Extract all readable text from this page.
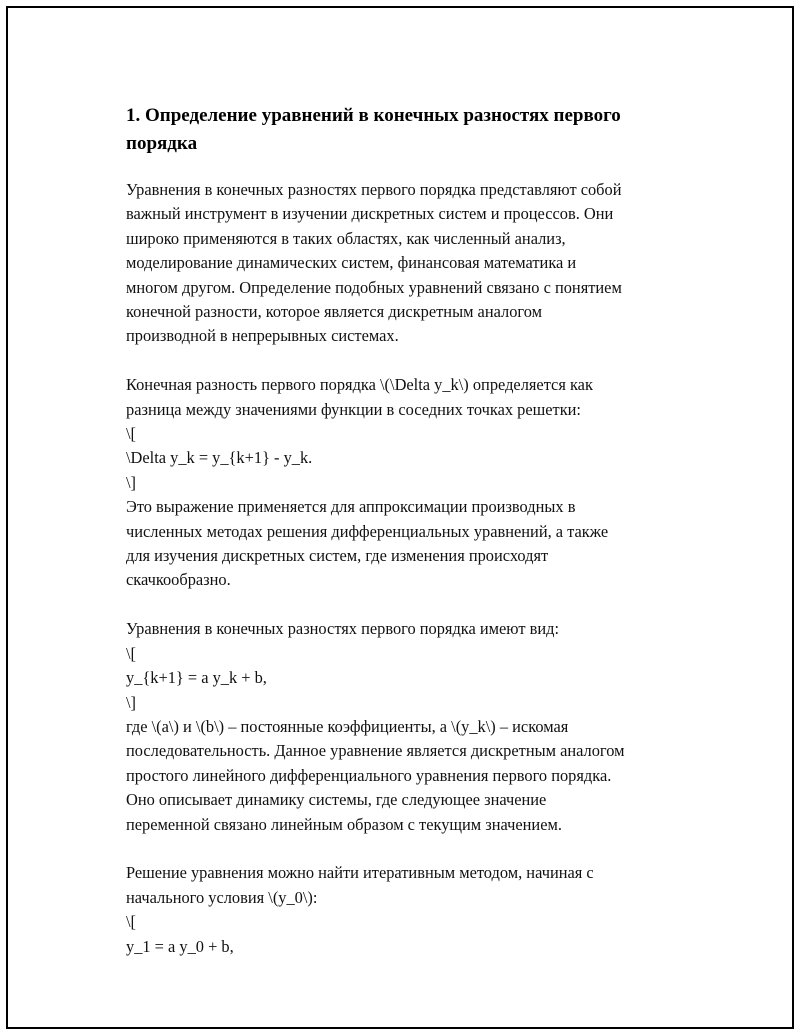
1. Определение уравнений в конечных разностях первого
порядка
Уравнения в конечных разностях первого порядка представляют собой
важный инструмент в изучении дискретных систем и процессов. Они
широко применяются в таких областях, как численный анализ,
моделирование динамических систем, финансовая математика и
многом другом. Определение подобных уравнений связано с понятием
конечной разности, которое является дискретным аналогом
производной в непрерывных системах.
Конечная разность первого порядка \(\Delta y_k\) определяется как
разница между значениями функции в соседних точках решетки:
\[
\Delta y_k = y_{k+1} - y_k.
\]
Это выражение применяется для аппроксимации производных в
численных методах решения дифференциальных уравнений, а также
для изучения дискретных систем, где изменения происходят
скачкообразно.
Уравнения в конечных разностях первого порядка имеют вид:
\[
y_{k+1} = a y_k + b,
\]
где \(a\) и \(b\) – постоянные коэффициенты, а \(y_k\) – искомая
последовательность. Данное уравнение является дискретным аналогом
простого линейного дифференциального уравнения первого порядка.
Оно описывает динамику системы, где следующее значение
переменной связано линейным образом с текущим значением.
Решение уравнения можно найти итеративным методом, начиная с
начального условия \(y_0\):
\[
y_1 = a y_0 + b,
